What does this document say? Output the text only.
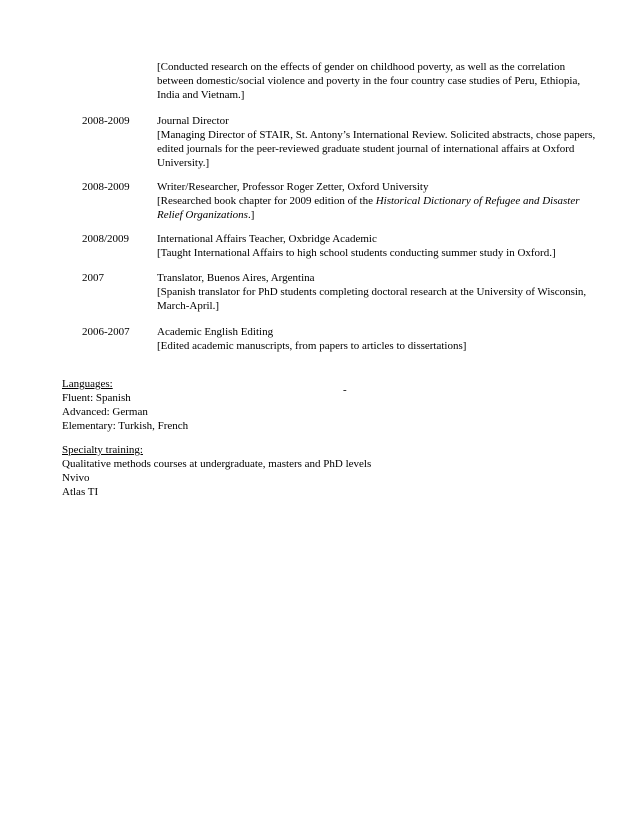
[Conducted research on the effects of gender on childhood poverty, as well as the correlation between domestic/social violence and poverty in the four country case studies of Peru, Ethiopia, India and Vietnam.]
2008-2009	Journal Director
[Managing Director of STAIR, St. Antony’s International Review. Solicited abstracts, chose papers, edited journals for the peer-reviewed graduate student journal of international affairs at Oxford University.]
2008-2009	Writer/Researcher, Professor Roger Zetter, Oxford University
[Researched book chapter for 2009 edition of the Historical Dictionary of Refugee and Disaster Relief Organizations.]
2008/2009	International Affairs Teacher, Oxbridge Academic
[Taught International Affairs to high school students conducting summer study in Oxford.]
2007	Translator, Buenos Aires, Argentina
[Spanish translator for PhD students completing doctoral research at the University of Wisconsin, March-April.]
2006-2007	Academic English Editing
[Edited academic manuscripts, from papers to articles to dissertations]
Languages:
Fluent: Spanish
Advanced: German
Elementary: Turkish, French
-
Specialty training:
Qualitative methods courses at undergraduate, masters and PhD levels
Nvivo
Atlas TI
